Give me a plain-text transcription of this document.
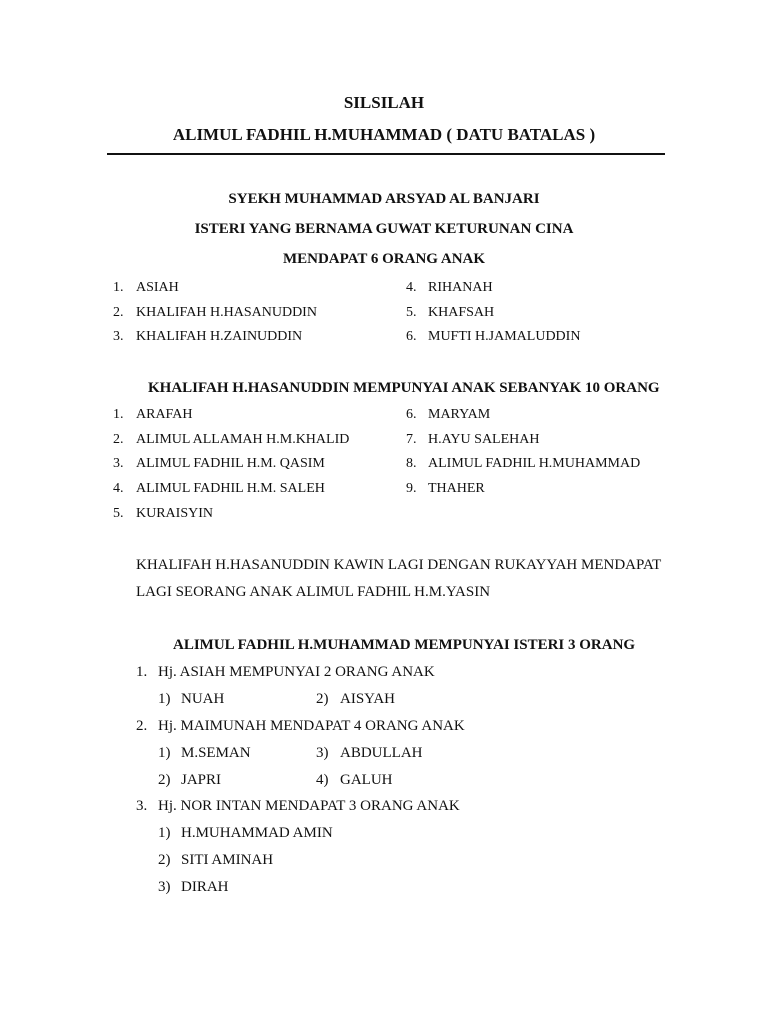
SILSILAH
ALIMUL FADHIL H.MUHAMMAD ( DATU BATALAS )
SYEKH MUHAMMAD ARSYAD AL BANJARI
ISTERI YANG BERNAMA GUWAT KETURUNAN CINA
MENDAPAT 6 ORANG ANAK
1. ASIAH
2. KHALIFAH H.HASANUDDIN
3. KHALIFAH H.ZAINUDDIN
4. RIHANAH
5. KHAFSAH
6. MUFTI H.JAMALUDDIN
KHALIFAH H.HASANUDDIN MEMPUNYAI ANAK SEBANYAK 10 ORANG
1. ARAFAH
2. ALIMUL ALLAMAH H.M.KHALID
3. ALIMUL FADHIL H.M. QASIM
4. ALIMUL FADHIL H.M. SALEH
5. KURAISYIN
6. MARYAM
7. H.AYU SALEHAH
8. ALIMUL FADHIL H.MUHAMMAD
9. THAHER
KHALIFAH H.HASANUDDIN KAWIN LAGI DENGAN RUKAYYAH MENDAPAT
LAGI SEORANG ANAK ALIMUL FADHIL H.M.YASIN
ALIMUL FADHIL H.MUHAMMAD MEMPUNYAI ISTERI 3 ORANG
1. Hj. ASIAH MEMPUNYAI 2 ORANG ANAK
1) NUAH	2) AISYAH
2. Hj. MAIMUNAH MENDAPAT 4 ORANG ANAK
1) M.SEMAN
2) JAPRI
3) ABDULLAH
4) GALUH
3. Hj. NOR INTAN MENDAPAT 3 ORANG ANAK
1) H.MUHAMMAD AMIN
2) SITI AMINAH
3) DIRAH
